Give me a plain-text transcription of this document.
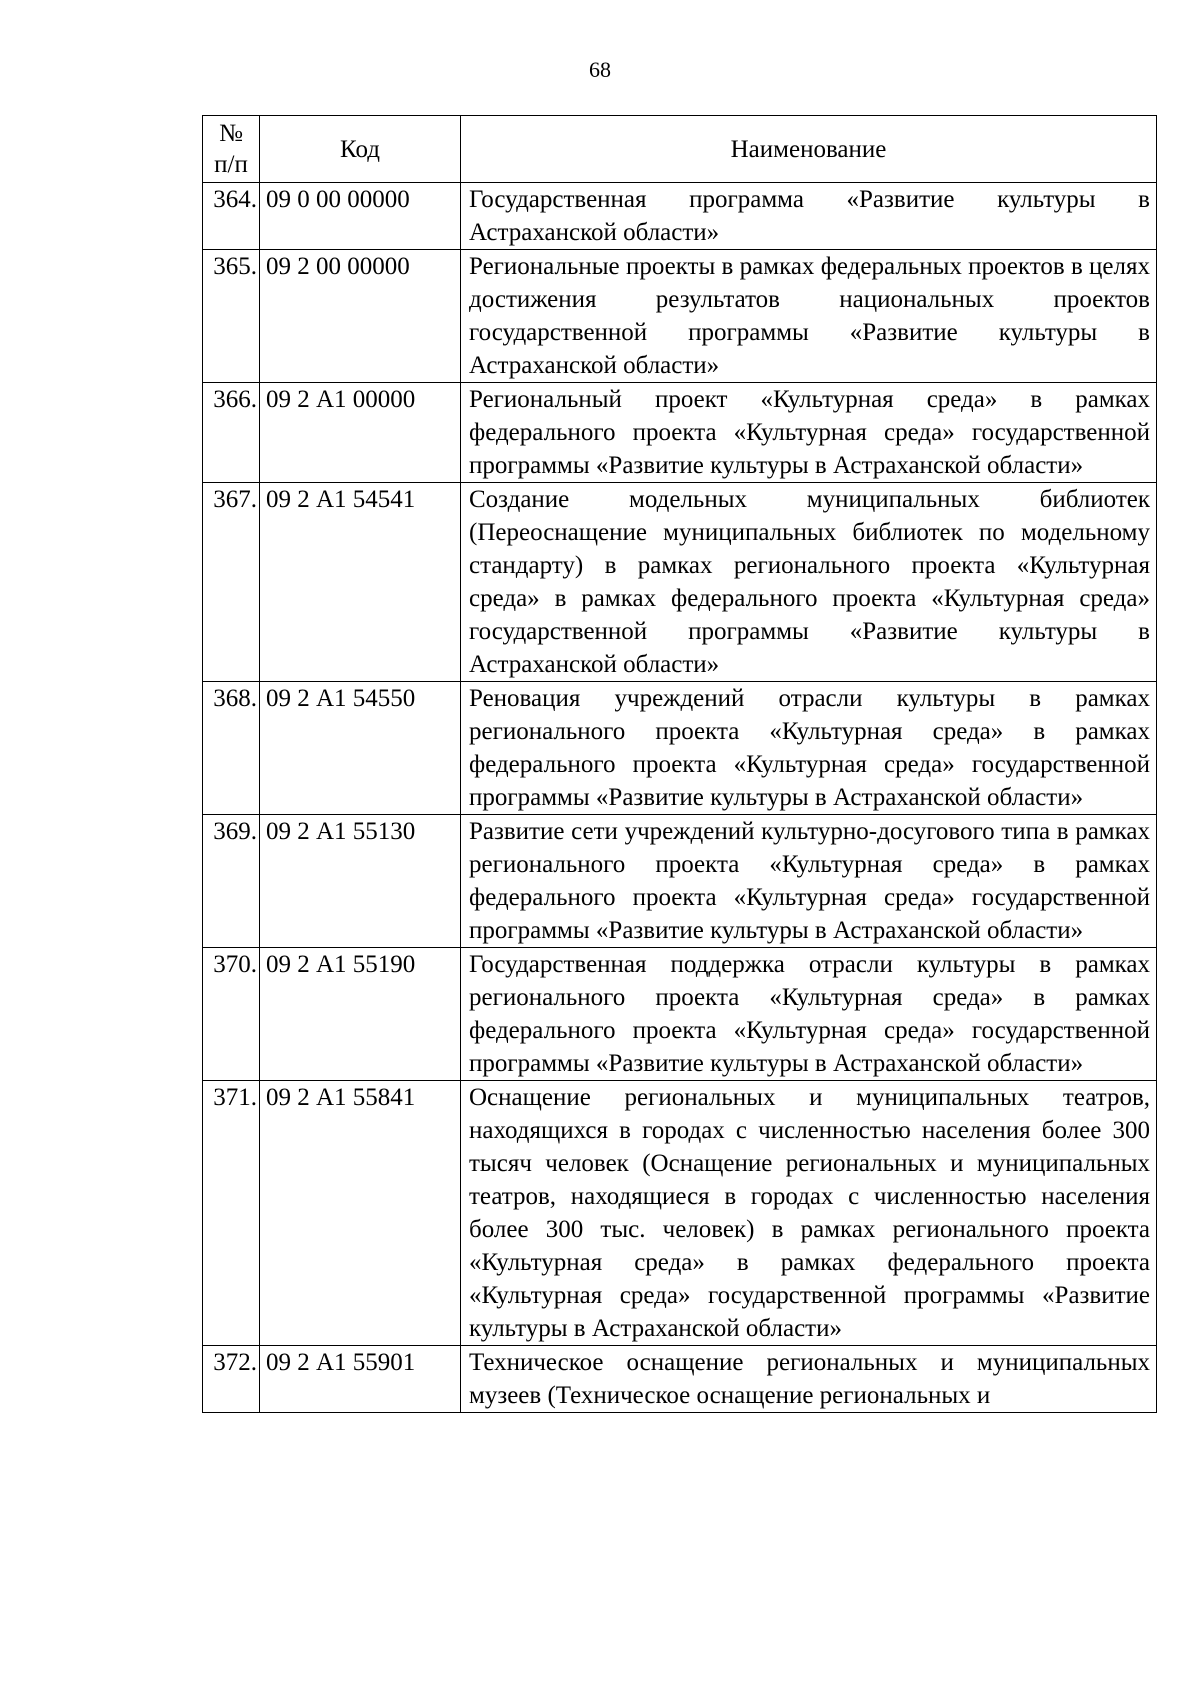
68
№
п/п	Код	Наименование
364.	09 0 00 00000	Государственная программа «Развитие культуры в Астраханской области»
365.	09 2 00 00000	Региональные проекты в рамках федеральных проектов в целях достижения результатов национальных проектов государственной программы «Развитие культуры в Астраханской области»
366.	09 2 А1 00000	Региональный проект «Культурная среда» в рамках федерального проекта «Культурная среда» государственной программы «Развитие культуры в Астраханской области»
367.	09 2 А1 54541	Создание модельных муниципальных библиотек (Переоснащение муниципальных библиотек по модельному стандарту) в рамках регионального проекта «Культурная среда» в рамках федерального проекта «Культурная среда» государственной программы «Развитие культуры в Астраханской области»
368.	09 2 А1 54550	Реновация учреждений отрасли культуры в рамках регионального проекта «Культурная среда» в рамках федерального проекта «Культурная среда» государственной программы «Развитие культуры в Астраханской области»
369.	09 2 А1 55130	Развитие сети учреждений культурно-досугового типа в рамках регионального проекта «Культурная среда» в рамках федерального проекта «Культурная среда» государственной программы «Развитие культуры в Астраханской области»
370.	09 2 А1 55190	Государственная поддержка отрасли культуры в рамках регионального проекта «Культурная среда» в рамках федерального проекта «Культурная среда» государственной программы «Развитие культуры в Астраханской области»
371.	09 2 А1 55841	Оснащение региональных и муниципальных театров, находящихся в городах с численностью населения более 300 тысяч человек (Оснащение региональных и муниципальных театров, находящиеся в городах с численностью населения более 300 тыс. человек) в рамках регионального проекта «Культурная среда» в рамках федерального проекта «Культурная среда» государственной программы «Развитие культуры в Астраханской области»
372.	09 2 А1 55901	Техническое оснащение региональных и муниципальных музеев (Техническое оснащение региональных и
